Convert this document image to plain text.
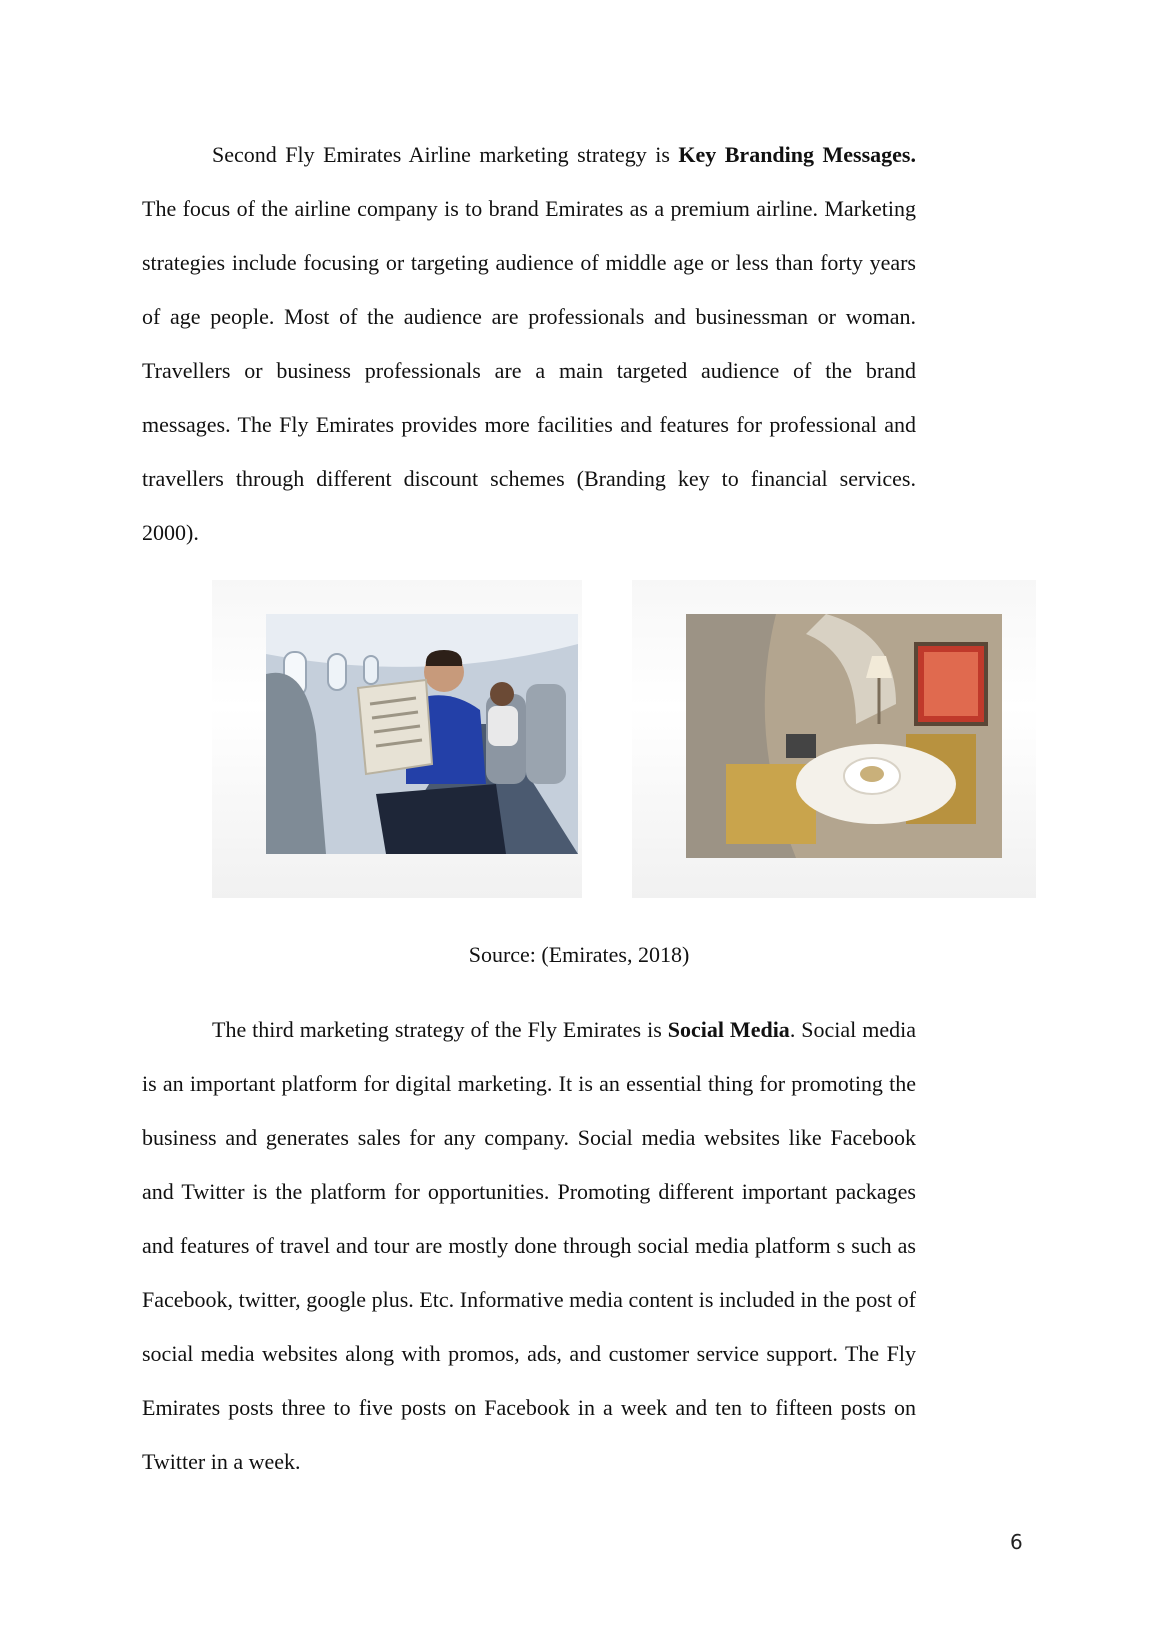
Second Fly Emirates Airline marketing strategy is Key Branding Messages. The focus of the airline company is to brand Emirates as a premium airline. Marketing strategies include focusing or targeting audience of middle age or less than forty years of age people. Most of the audience are professionals and businessman or woman. Travellers or business professionals are a main targeted audience of the brand messages. The Fly Emirates provides more facilities and features for professional and travellers through different discount schemes (Branding key to financial services. 2000).

Source: (Emirates, 2018)

The third marketing strategy of the Fly Emirates is Social Media. Social media is an important platform for digital marketing. It is an essential thing for promoting the business and generates sales for any company. Social media websites like Facebook and Twitter is the platform for opportunities. Promoting different important packages and features of travel and tour are mostly done through social media platform s such as Facebook, twitter, google plus. Etc. Informative media content is included in the post of social media websites along with promos, ads, and customer service support. The Fly Emirates posts three to five posts on Facebook in a week and ten to fifteen posts on Twitter in a week.

6
